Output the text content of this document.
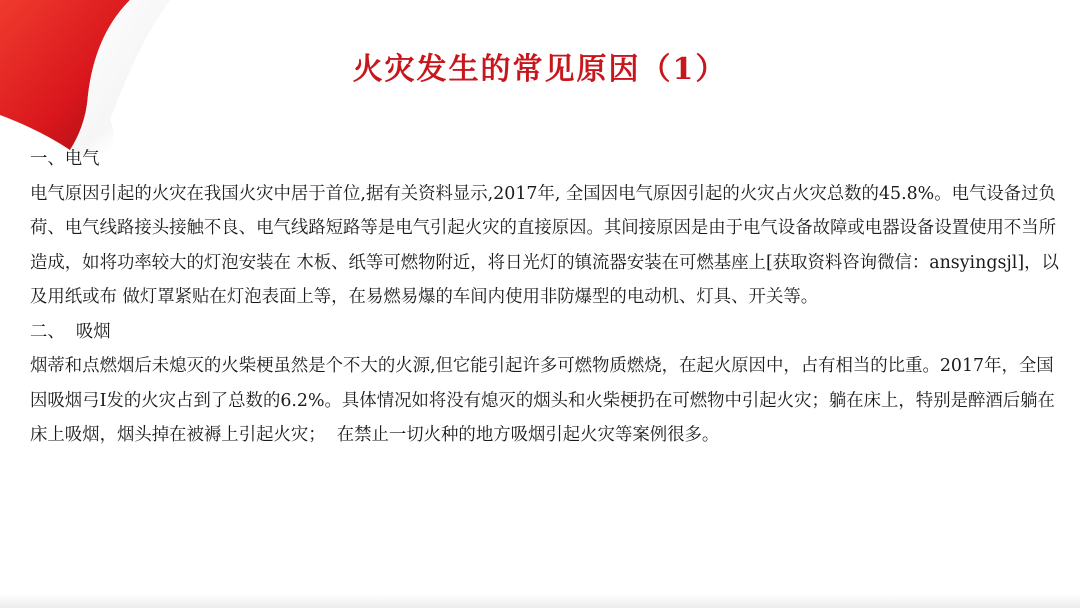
火灾发生的常见原因（1）

一、电气

电气原因引起的火灾在我国火灾中居于首位,据有关资料显示,2017年, 全国因电气原因引起的火灾占火灾总数的45.8%。电气设备过负荷、电气线路接头接触不良、电气线路短路等是电气引起火灾的直接原因。其间接原因是由于电气设备故障或电器设备设置使用不当所造成，如将功率较大的灯泡安装在 木板、纸等可燃物附近，将日光灯的镇流器安装在可燃基座上[获取资料咨询微信：ansyingsjl]，以及用纸或布 做灯罩紧贴在灯泡表面上等，在易燃易爆的车间内使用非防爆型的电动机、灯具、开关等。

二、  吸烟

烟蒂和点燃烟后未熄灭的火柴梗虽然是个不大的火源,但它能引起许多可燃物质燃烧，在起火原因中，占有相当的比重。2017年，全国因吸烟弓I发的火灾占到了总数的6.2%。具体情况如将没有熄灭的烟头和火柴梗扔在可燃物中引起火灾；躺在床上，特别是醉酒后躺在床上吸烟，烟头掉在被褥上引起火灾；  在禁止一切火种的地方吸烟引起火灾等案例很多。
